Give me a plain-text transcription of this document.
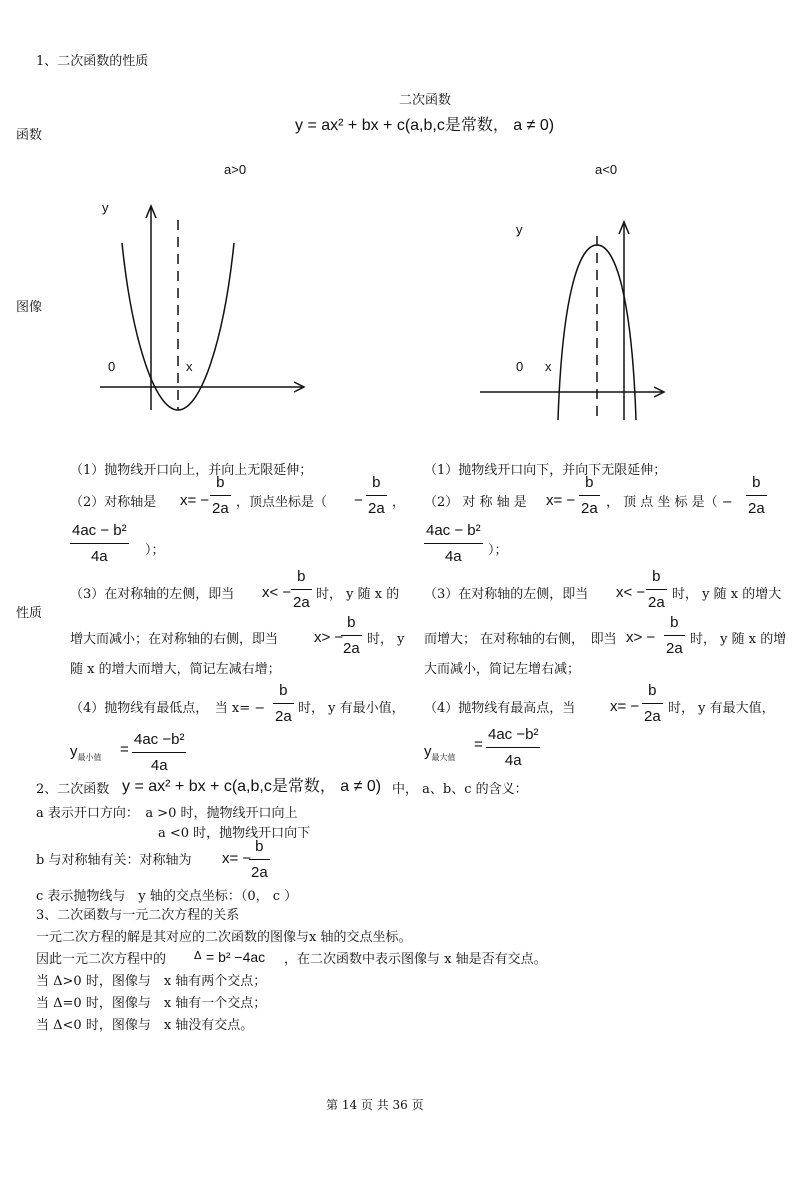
1、二次函数的性质
二次函数
函数
y = ax² + bx + c(a,b,c是常数， a ≠ 0)
a>0	a<0
图像
y
0	x
y
0 x
性质
（1）抛物线开口向上，并向上无限延伸；
（2）对称轴是 x= −
b
2a ，顶点坐标是（ −
b
2a ，
4ac − b²
4a	）；
（3）在对称轴的左侧，即当 x< −
b
2a 时， y 随 x 的
增大而减小；在对称轴的右侧，即当 x> −
b
2a
时， y
随 x 的增大而增大，简记左减右增；
（4）抛物线有最低点，　当 x= −
b
2a 时， y 有最小值，
$y_{最小值}$ =
4ac −b²
4a
（1）抛物线开口向下，并向下无限延伸；
（2） 对 称 轴 是 x= −
b
2a ， 顶 点 坐 标 是（ −
b
2a
4ac − b²
4a ）；
（3）在对称轴的左侧，即当 x< −
b
2a 时， y 随 x 的增大
而增大； 在对称轴的右侧，　即当 x> −
b
2a
时， y 随 x 的增
大而减小，简记左增右减；
（4）抛物线有最高点，当 x= −
b
2a 时， y 有最大值，
$y_{最大值}$
=
4ac −b²
4a
2、二次函数 y = ax² + bx + c(a,b,c是常数， a ≠ 0) 中， a、b、c 的含义：
a 表示开口方向：　a >0 时，抛物线开口向上
a <0 时，抛物线开口向下
b 与对称轴有关：对称轴为 x= −
b
2a
c 表示抛物线与　y 轴的交点坐标：（0， c ）
3、二次函数与一元二次方程的关系
一元二次方程的解是其对应的二次函数的图像与x 轴的交点坐标。
因此一元二次方程中的	Δ = b² −4ac ，在二次函数中表示图像与 x 轴是否有交点。
当 Δ>0 时，图像与　x 轴有两个交点；
当 Δ=0 时，图像与　x 轴有一个交点；
当 Δ<0 时，图像与　x 轴没有交点。
第 14 页 共 36 页
